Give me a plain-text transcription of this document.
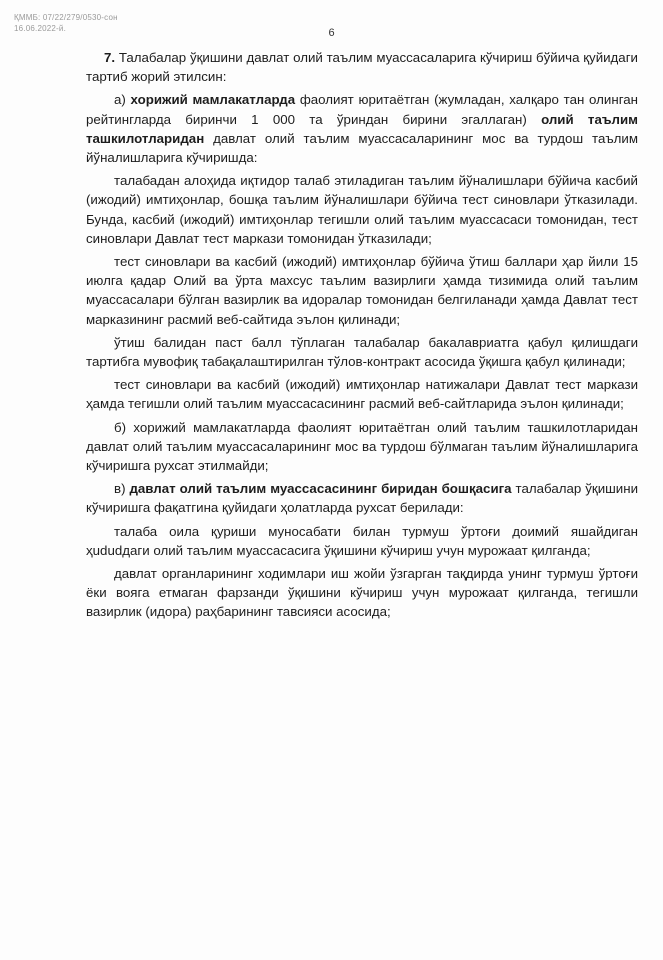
ҚММБ: 07/22/279/0530-сон
16.06.2022-й.	6

7. Талабалар ўқишини давлат олий таълим муассасаларига кўчириш бўйича қуйидаги тартиб жорий этилсин:

а) хорижий мамлакатларда фаолият юритаётган (жумладан, халқаро тан олинган рейтингларда биринчи 1 000 та ўриндан бирини эгаллаган) олий таълим ташкилотларидан давлат олий таълим муассасаларининг мос ва турдош таълим йўналишларига кўчиришда:

талабадан алоҳида иқтидор талаб этиладиган таълим йўналишлари бўйича касбий (ижодий) имтиҳонлар, бошқа таълим йўналишлари бўйича тест синовлари ўтказилади. Бунда, касбий (ижодий) имтиҳонлар тегишли олий таълим муассасаси томонидан, тест синовлари Давлат тест маркази томонидан ўтказилади;

тест синовлари ва касбий (ижодий) имтиҳонлар бўйича ўтиш баллари ҳар йили 15 июлга қадар Олий ва ўрта махсус таълим вазирлиги ҳамда тизимида олий таълим муассасалари бўлган вазирлик ва идоралар томонидан белгиланади ҳамда Давлат тест марказининг расмий веб-сайтида эълон қилинади;

ўтиш балидан паст балл тўплаган талабалар бакалавриатга қабул қилишдаги тартибга мувофиқ табақалаштирилган тўлов-контракт асосида ўқишга қабул қилинади;

тест синовлари ва касбий (ижодий) имтиҳонлар натижалари Давлат тест маркази ҳамда тегишли олий таълим муассасасининг расмий веб-сайтларида эълон қилинади;

б) хорижий мамлакатларда фаолият юритаётган олий таълим ташкилотларидан давлат олий таълим муассасаларининг мос ва турдош бўлмаган таълим йўналишларига кўчиришга рухсат этилмайди;

в) давлат олий таълим муассасасининг биридан бошқасига талабалар ўқишини кўчиришга фақатгина қуйидаги ҳолатларда рухсат берилади:

талаба оила қуриши муносабати билан турмуш ўртоғи доимий яшайдиган ҳududдаги олий таълим муассасасига ўқишини кўчириш учун мурожаат қилганда;

давлат органларининг ходимлари иш жойи ўзгарган тақдирда унинг турмуш ўртоғи ёки вояга етмаган фарзанди ўқишини кўчириш учун мурожаат қилганда, тегишли вазирлик (идора) раҳбарининг тавсияси асосида;
